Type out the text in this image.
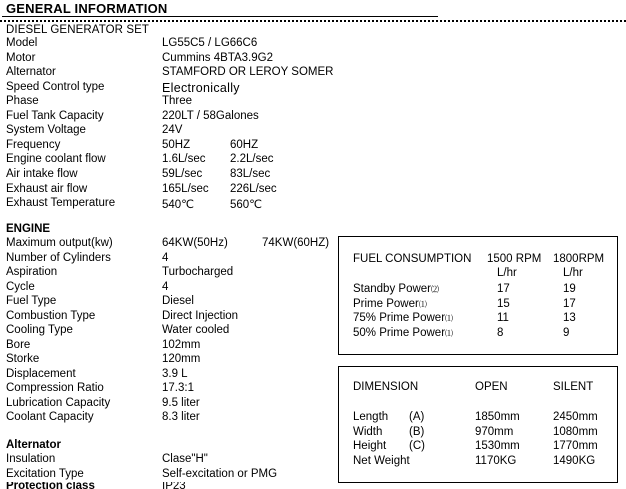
GENERAL INFORMATION
DIESEL GENERATOR SET
Model	LG55C5 / LG66C6
Motor	Cummins 4BTA3.9G2
Alternator	STAMFORD OR LEROY SOMER
Speed Control type	Electronically
Phase	Three
Fuel Tank Capacity	220LT / 58Galones
System Voltage	24V
Frequency	50HZ	60HZ
Engine coolant flow	1.6L/sec 2.2L/sec
Air intake flow	59L/sec 83L/sec
Exhaust air flow	165L/sec 226L/sec
Exhaust Temperature	540℃	560℃
ENGINE
Maximum output(kw)	64KW(50Hz)	74KW(60HZ)
Number of Cylinders	4
Aspiration	Turbocharged
Cycle	4
Fuel Type	Diesel
Combustion Type	Direct Injection
Cooling Type	Water cooled
Bore	102mm
Storke	120mm
Displacement	3.9 L
Compression Ratio	17.3:1
Lubrication Capacity	9.5 liter
Coolant Capacity	8.3 liter
Alternator
Insulation	Clase"H"
Excitation Type	Self-excitation or PMG
Protection class	IP23
FUEL CONSUMPTION 1500 RPM 1800RPM
L/hr	L/hr
Standby Power⑵	17	19
Prime Power⑴	15	17
75% Prime Power⑴	11	13
50% Prime Power⑴	8	9
DIMENSION	OPEN	SILENT
Length (A)	1850mm	2450mm
Width (B)	970mm	1080mm
Height (C)	1530mm	1770mm
Net Weight	1170KG	1490KG
